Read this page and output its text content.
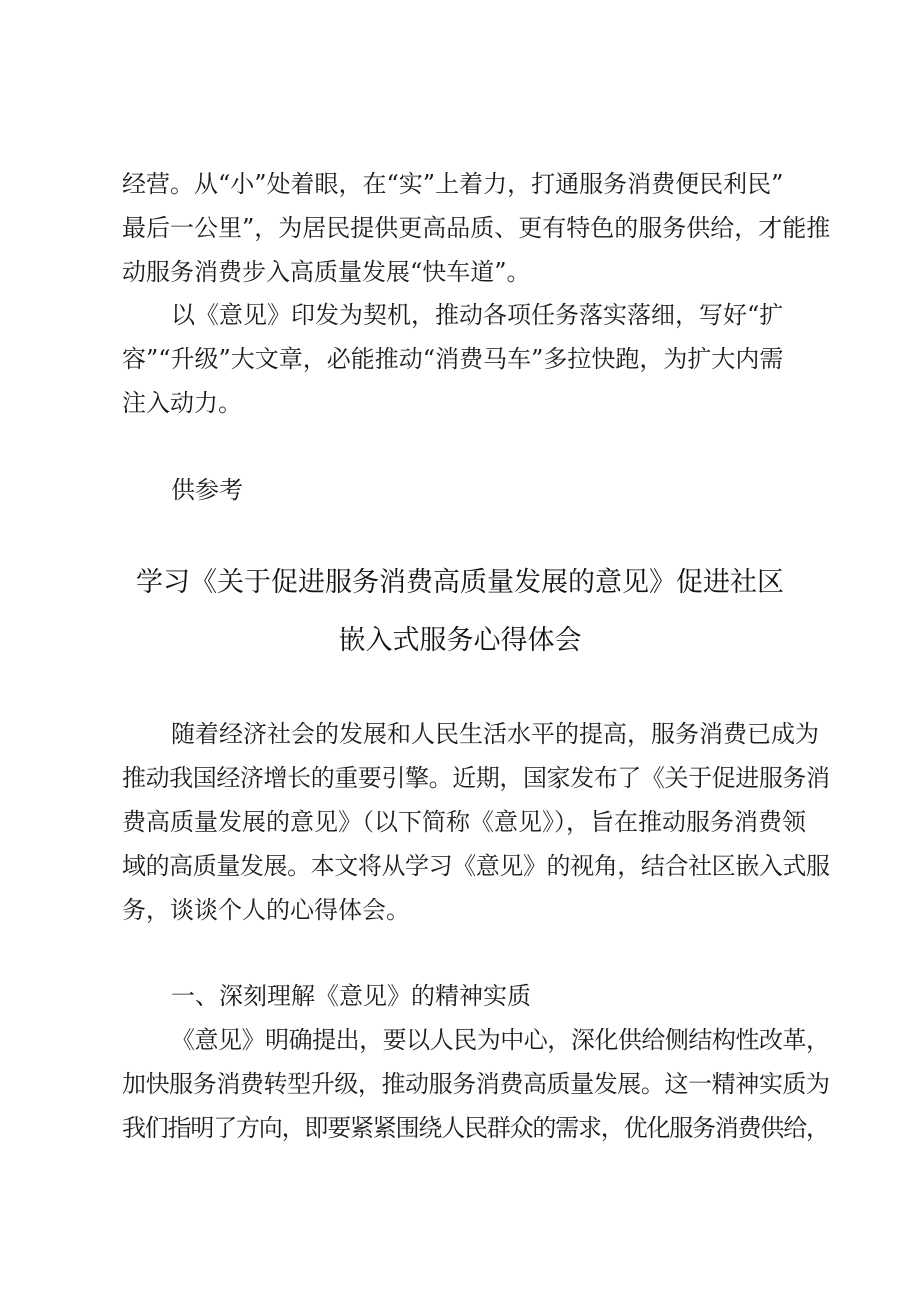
经营。从“小”处着眼，在“实”上着力，打通服务消费便民利民”
最后一公里”，为居民提供更高品质、更有特色的服务供给，才能推
动服务消费步入高质量发展“快车道”。
以《意见》印发为契机，推动各项任务落实落细，写好“扩
容”“升级”大文章，必能推动“消费马车”多拉快跑，为扩大内需
注入动力。
供参考
学习《关于促进服务消费高质量发展的意见》促进社区
嵌入式服务心得体会
随着经济社会的发展和人民生活水平的提高，服务消费已成为
推动我国经济增长的重要引擎。近期，国家发布了《关于促进服务消
费高质量发展的意见》（以下简称《意见》），旨在推动服务消费领
域的高质量发展。本文将从学习《意见》的视角，结合社区嵌入式服
务，谈谈个人的心得体会。
一、深刻理解《意见》的精神实质
《意见》明确提出，要以人民为中心，深化供给侧结构性改革，
加快服务消费转型升级，推动服务消费高质量发展。这一精神实质为
我们指明了方向，即要紧紧围绕人民群众的需求，优化服务消费供给，
